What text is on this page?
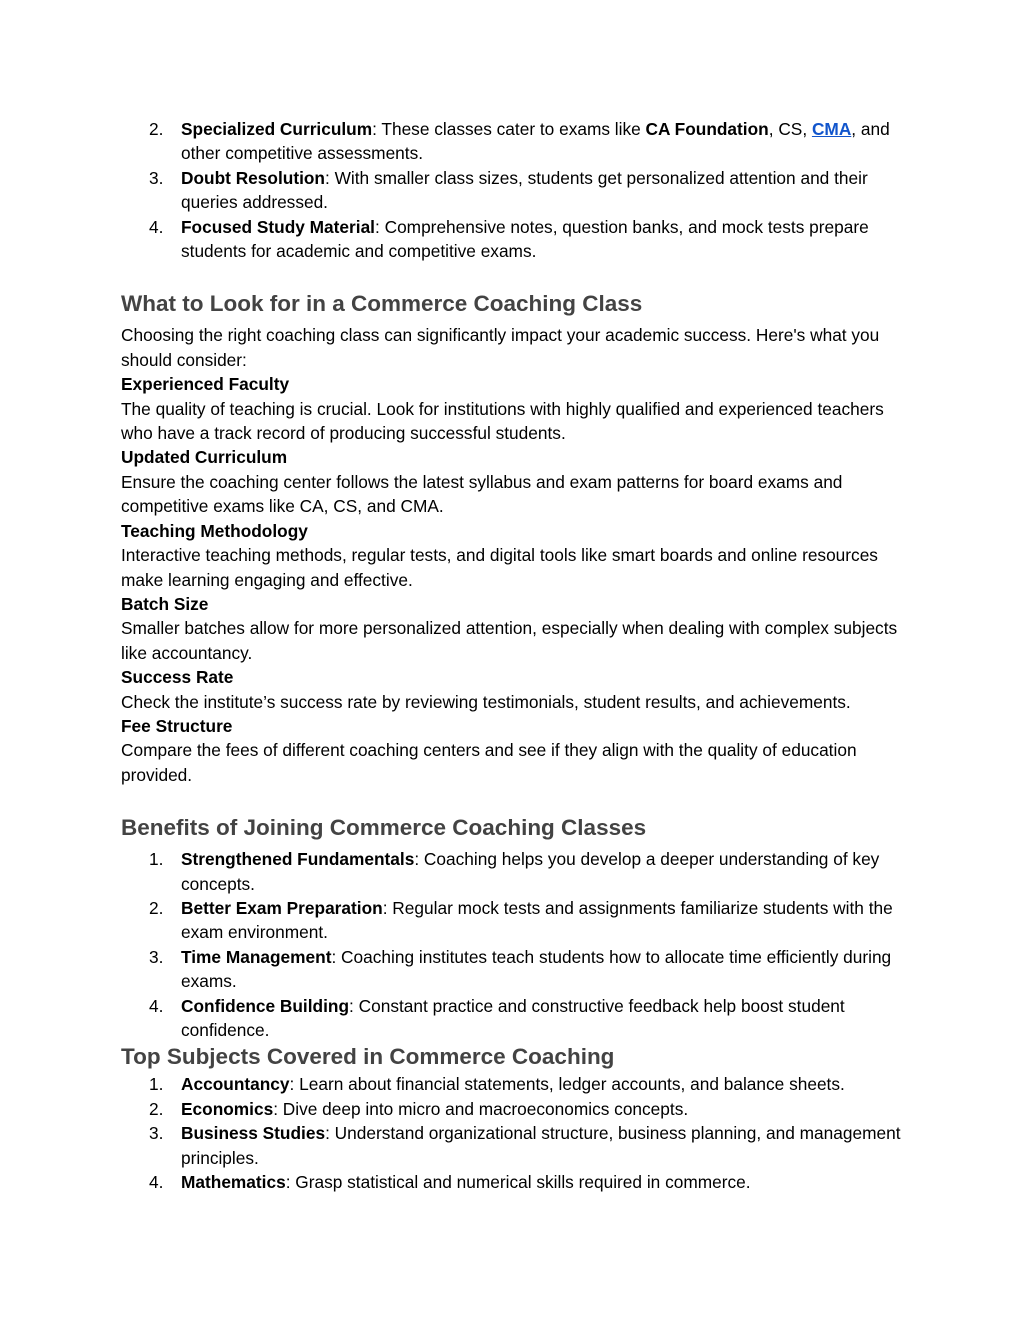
2. Specialized Curriculum: These classes cater to exams like CA Foundation, CS, CMA, and other competitive assessments.
3. Doubt Resolution: With smaller class sizes, students get personalized attention and their queries addressed.
4. Focused Study Material: Comprehensive notes, question banks, and mock tests prepare students for academic and competitive exams.
What to Look for in a Commerce Coaching Class

Choosing the right coaching class can significantly impact your academic success. Here's what you should consider:

Experienced Faculty

The quality of teaching is crucial. Look for institutions with highly qualified and experienced teachers who have a track record of producing successful students.

Updated Curriculum

Ensure the coaching center follows the latest syllabus and exam patterns for board exams and competitive exams like CA, CS, and CMA.

Teaching Methodology

Interactive teaching methods, regular tests, and digital tools like smart boards and online resources make learning engaging and effective.

Batch Size

Smaller batches allow for more personalized attention, especially when dealing with complex subjects like accountancy.

Success Rate

Check the institute’s success rate by reviewing testimonials, student results, and achievements.

Fee Structure

Compare the fees of different coaching centers and see if they align with the quality of education provided.

Benefits of Joining Commerce Coaching Classes
1. Strengthened Fundamentals: Coaching helps you develop a deeper understanding of key concepts.
2. Better Exam Preparation: Regular mock tests and assignments familiarize students with the exam environment.
3. Time Management: Coaching institutes teach students how to allocate time efficiently during exams.
4. Confidence Building: Constant practice and constructive feedback help boost student confidence.
Top Subjects Covered in Commerce Coaching
1. Accountancy: Learn about financial statements, ledger accounts, and balance sheets.
2. Economics: Dive deep into micro and macroeconomics concepts.
3. Business Studies: Understand organizational structure, business planning, and management principles.
4. Mathematics: Grasp statistical and numerical skills required in commerce.
